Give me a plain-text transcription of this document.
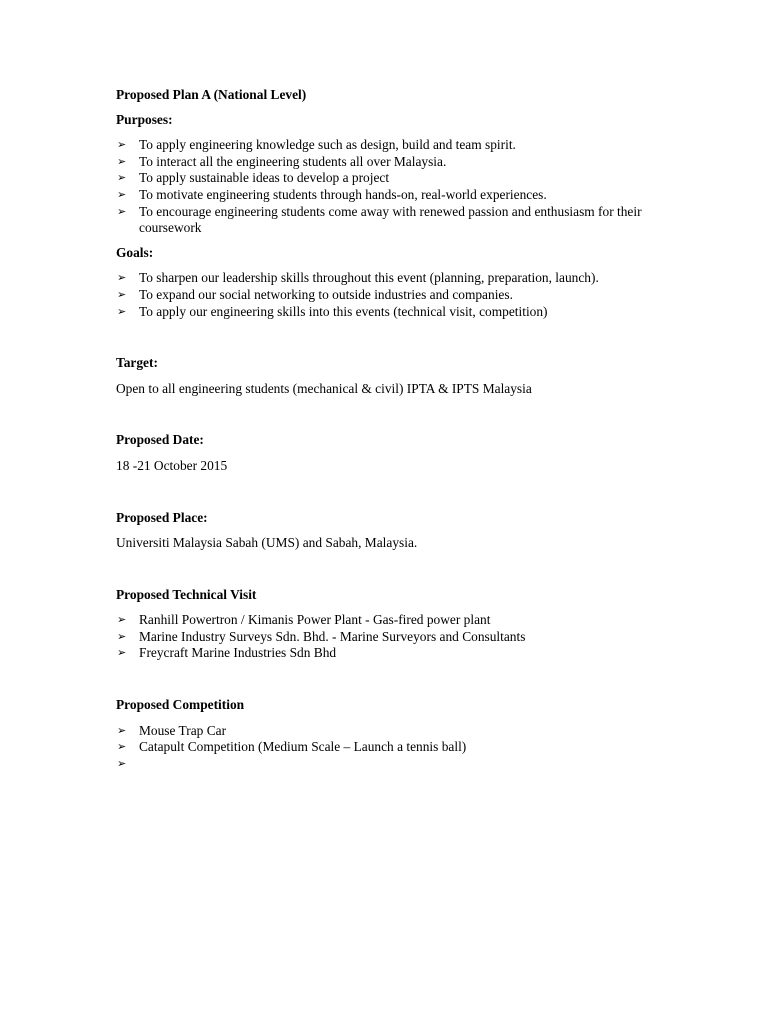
Proposed Plan A (National Level)

Purposes:

➢ To apply engineering knowledge such as design, build and team spirit.
➢ To interact all the engineering students all over Malaysia.
➢ To apply sustainable ideas to develop a project
➢ To motivate engineering students through hands-on, real-world experiences.
➢ To encourage engineering students come away with renewed passion and enthusiasm for their coursework

Goals:

➢ To sharpen our leadership skills throughout this event (planning, preparation, launch).
➢ To expand our social networking to outside industries and companies.
➢ To apply our engineering skills into this events (technical visit, competition)

Target:

Open to all engineering students (mechanical & civil) IPTA & IPTS Malaysia

Proposed Date:

18 -21 October 2015

Proposed Place:

Universiti Malaysia Sabah (UMS) and Sabah, Malaysia.

Proposed Technical Visit

➢ Ranhill Powertron / Kimanis Power Plant - Gas-fired power plant
➢ Marine Industry Surveys Sdn. Bhd. - Marine Surveyors and Consultants
➢ Freycraft Marine Industries Sdn Bhd

Proposed Competition

➢ Mouse Trap Car
➢ Catapult Competition (Medium Scale – Launch a tennis ball)
➢
